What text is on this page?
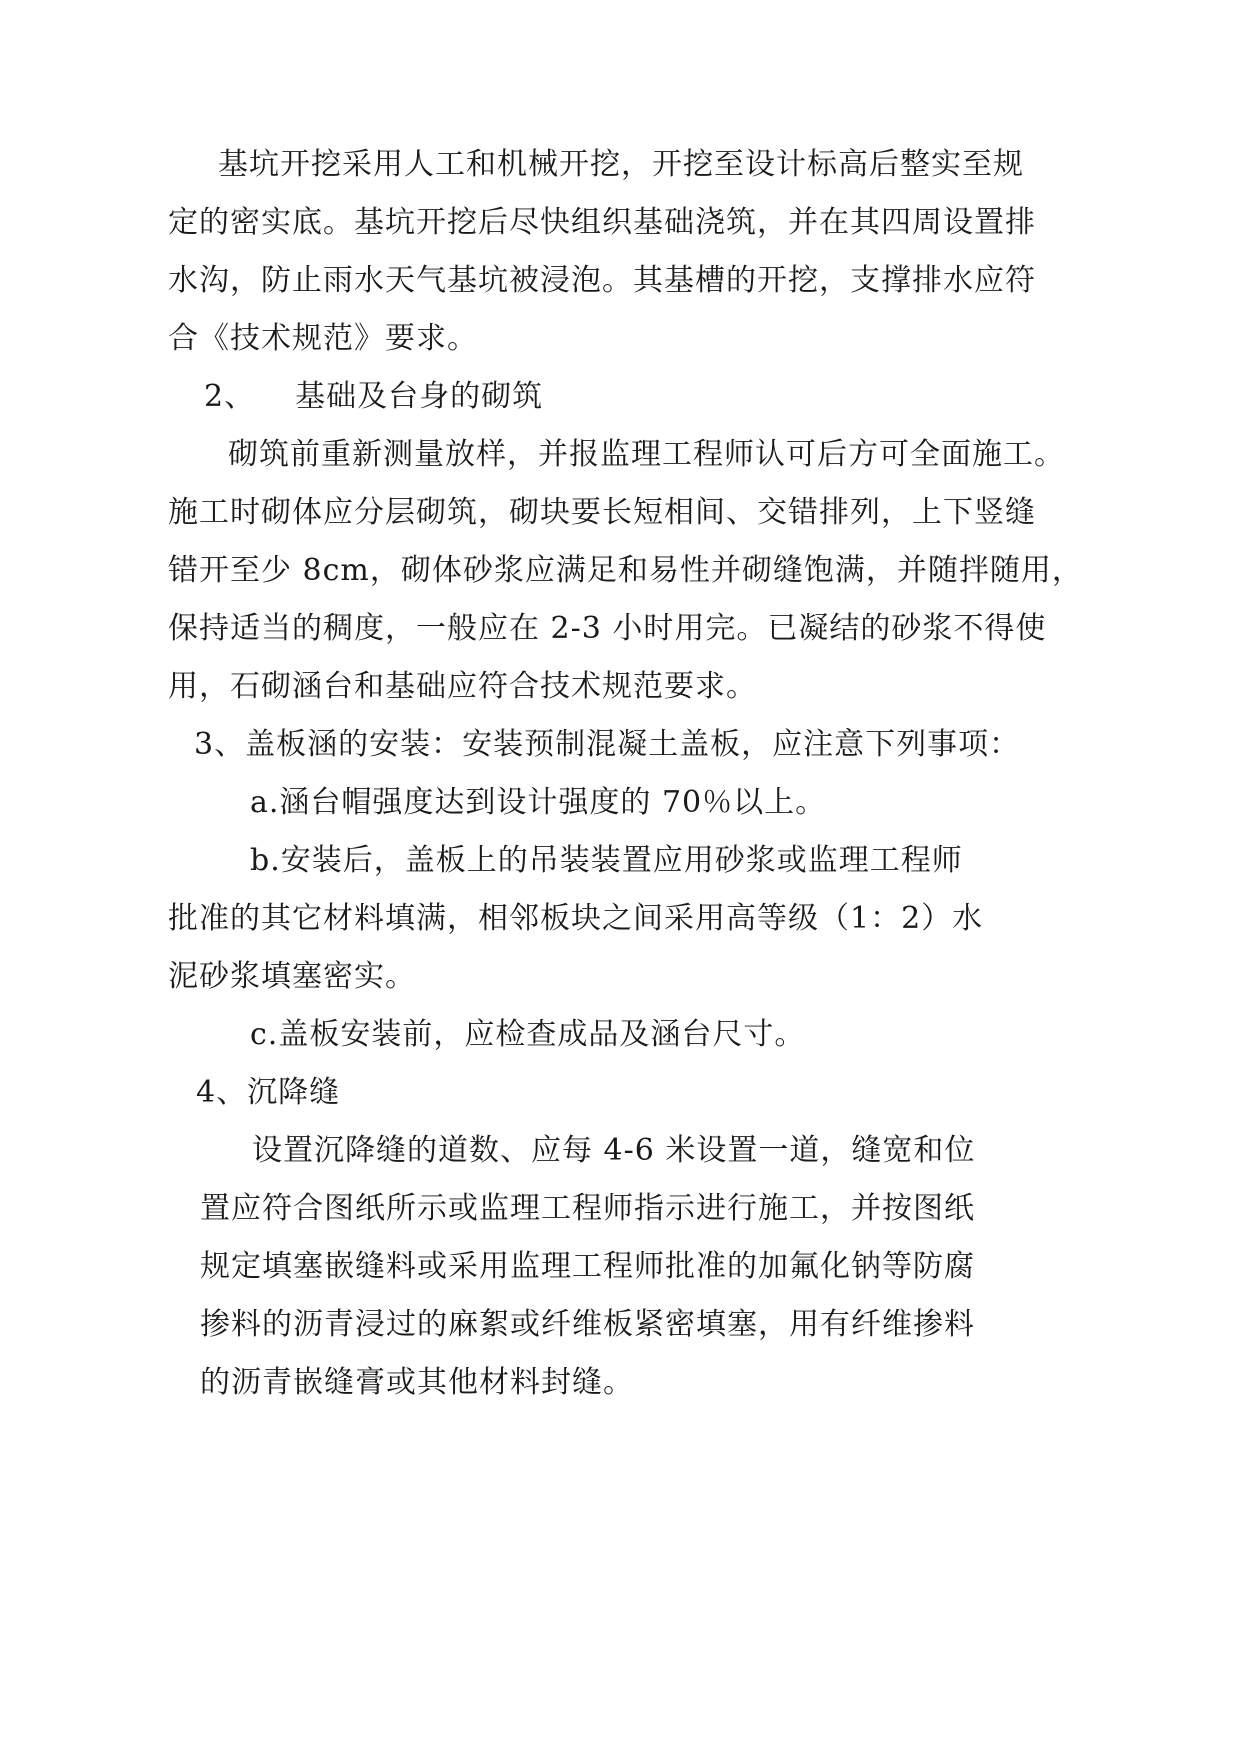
基坑开挖采用人工和机械开挖，开挖至设计标高后整实至规
定的密实底。基坑开挖后尽快组织基础浇筑，并在其四周设置排
水沟，防止雨水天气基坑被浸泡。其基槽的开挖，支撑排水应符
合《技术规范》要求。
2、 基础及台身的砌筑
砌筑前重新测量放样，并报监理工程师认可后方可全面施工。
施工时砌体应分层砌筑，砌块要长短相间、交错排列，上下竖缝
错开至少 8cm，砌体砂浆应满足和易性并砌缝饱满，并随拌随用，
保持适当的稠度，一般应在 2-3 小时用完。已凝结的砂浆不得使
用，石砌涵台和基础应符合技术规范要求。
3、盖板涵的安装：安装预制混凝土盖板，应注意下列事项：
a.涵台帽强度达到设计强度的 70％以上。
b.安装后，盖板上的吊装装置应用砂浆或监理工程师
批准的其它材料填满，相邻板块之间采用高等级（1：2）水
泥砂浆填塞密实。
c.盖板安装前，应检查成品及涵台尺寸。
4、沉降缝
设置沉降缝的道数、应每 4-6 米设置一道，缝宽和位
置应符合图纸所示或监理工程师指示进行施工，并按图纸
规定填塞嵌缝料或采用监理工程师批准的加氟化钠等防腐
掺料的沥青浸过的麻絮或纤维板紧密填塞，用有纤维掺料
的沥青嵌缝膏或其他材料封缝。
